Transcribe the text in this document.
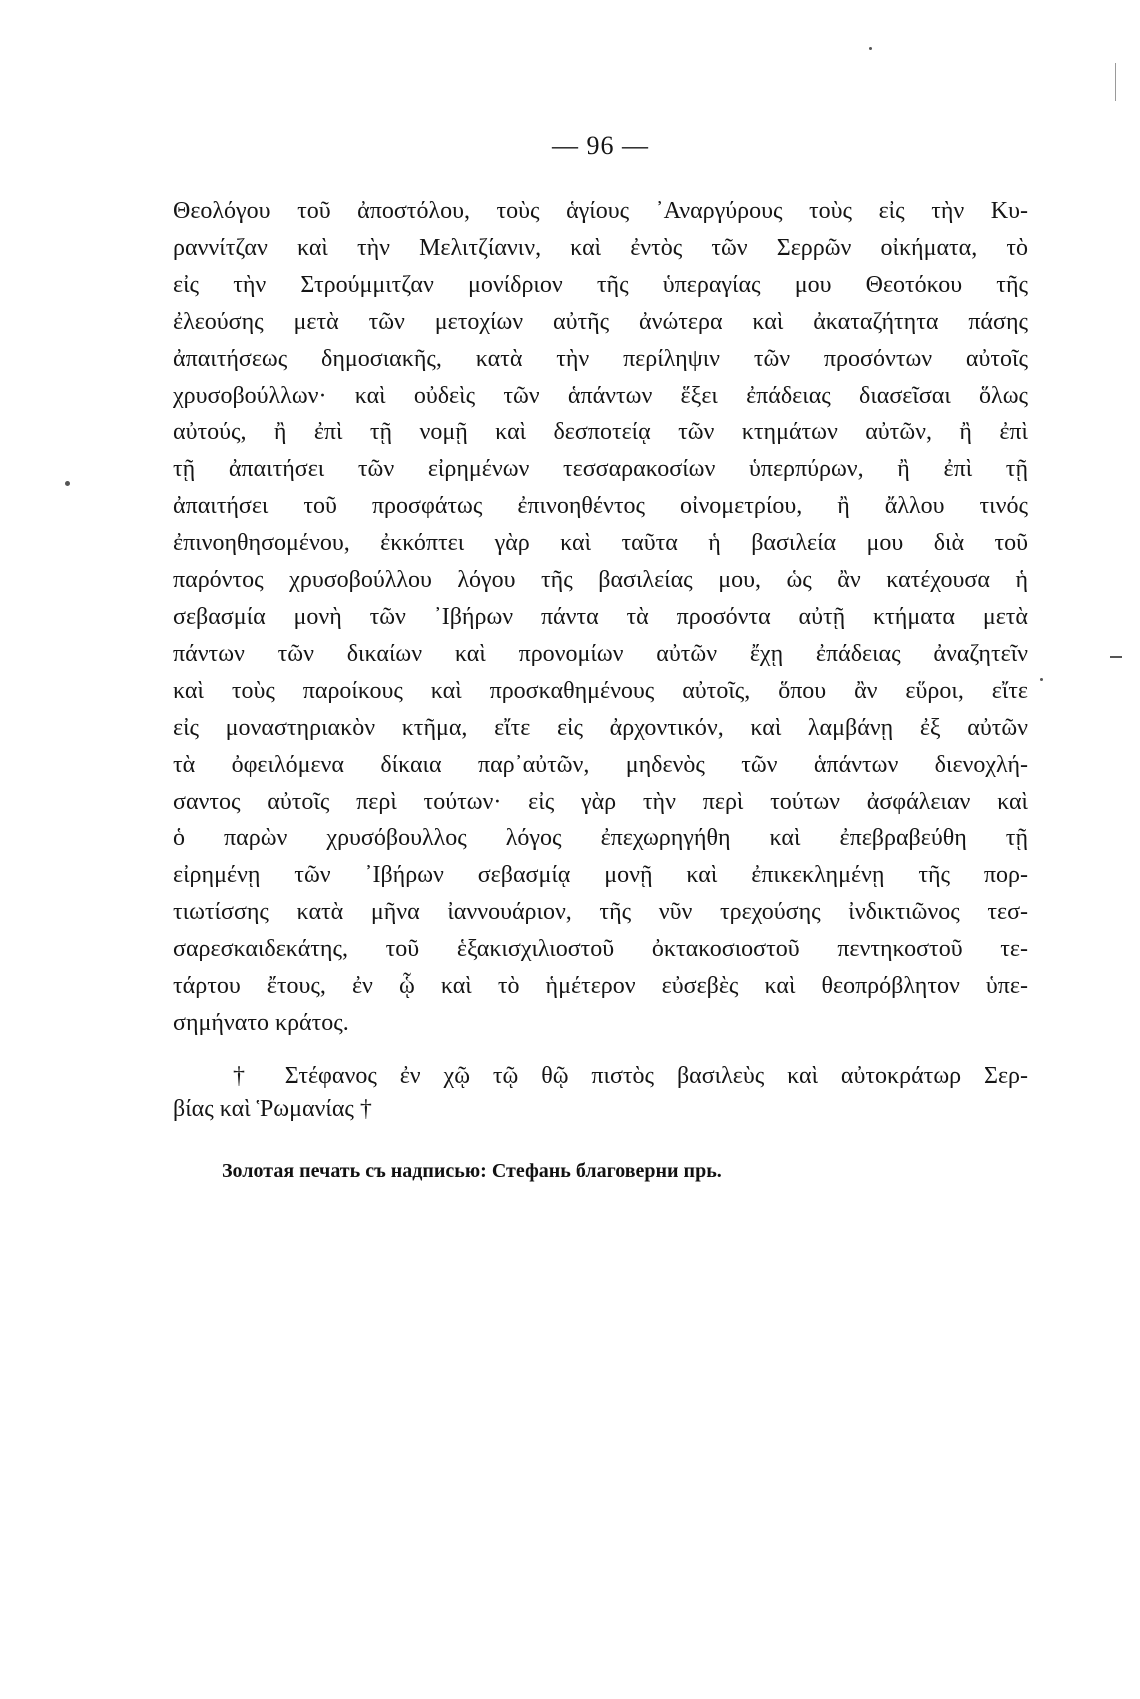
— 96 —
Θεολόγου τοῦ ἀποστόλου, τοὺς ἁγίους ᾿Αναργύρους τοὺς εἰς τὴν Κυ-
ραννίτζαν καὶ τὴν Μελιτζίανιν, καὶ ἐντὸς τῶν Σερρῶν οἰκήματα, τὸ
εἰς τὴν Στρούμμιτζαν μονίδριον τῆς ὑπεραγίας μου Θεοτόκου τῆς
ἐλεούσης μετὰ τῶν μετοχίων αὐτῆς ἀνώτερα καὶ ἀκαταζήτητα πάσης
ἀπαιτήσεως δημοσιακῆς, κατὰ τὴν περίληψιν τῶν προσόντων αὐτοῖς
χρυσοβούλλων· καὶ οὐδεὶς τῶν ἁπάντων ἕξει ἐπάδειας διασεῖσαι ὅλως
αὐτούς, ἢ ἐπὶ τῇ νομῇ καὶ δεσποτείᾳ τῶν κτημάτων αὐτῶν, ἢ ἐπὶ
τῇ ἀπαιτήσει τῶν εἰρημένων τεσσαρακοσίων ὑπερπύρων, ἢ ἐπὶ τῇ
ἀπαιτήσει τοῦ προσφάτως ἐπινοηθέντος οἰνομετρίου, ἢ ἄλλου τινός
ἐπινοηθησομένου, ἐκκόπτει γὰρ καὶ ταῦτα ἡ βασιλεία μου διὰ τοῦ
παρόντος χρυσοβούλλου λόγου τῆς βασιλείας μου, ὡς ἂν κατέχουσα ἡ
σεβασμία μονὴ τῶν ᾿Ιβήρων πάντα τὰ προσόντα αὐτῇ κτήματα μετὰ
πάντων τῶν δικαίων καὶ προνομίων αὐτῶν ἔχῃ ἐπάδειας ἀναζητεῖν
καὶ τοὺς παροίκους καὶ προσκαθημένους αὐτοῖς, ὅπου ἂν εὕροι, εἴτε
εἰς μοναστηριακὸν κτῆμα, εἴτε εἰς ἀρχοντικόν, καὶ λαμβάνῃ ἐξ αὐτῶν
τὰ ὀφειλόμενα δίκαια παρ᾿αὐτῶν, μηδενὸς τῶν ἁπάντων διενοχλή-
σαντος αὐτοῖς περὶ τούτων· εἰς γὰρ τὴν περὶ τούτων ἀσφάλειαν καὶ
ὁ παρὼν χρυσόβουλλος λόγος ἐπεχωρηγήθη καὶ ἐπεβραβεύθη τῇ
εἰρημένῃ τῶν ᾿Ιβήρων σεβασμίᾳ μονῇ καὶ ἐπικεκλημένῃ τῆς πορ-
τιωτίσσης κατὰ μῆνα ἰαννουάριον, τῆς νῦν τρεχούσης ἰνδικτιῶνος τεσ-
σαρεσκαιδεκάτης, τοῦ ἑξακισχιλιοστοῦ ὀκτακοσιοστοῦ πεντηκοστοῦ τε-
τάρτου ἔτους, ἐν ᾧ καὶ τὸ ἡμέτερον εὐσεβὲς καὶ θεοπρόβλητον ὑπε-
σημήνατο κράτος.
† Στέφανος ἐν χῷ τῷ θῷ πιστὸς βασιλεὺς καὶ αὐτοκράτωρ Σερ-
βίας καὶ Ῥωμανίας †
Золотая печать съ надписью: Стефань благоверни прь.
